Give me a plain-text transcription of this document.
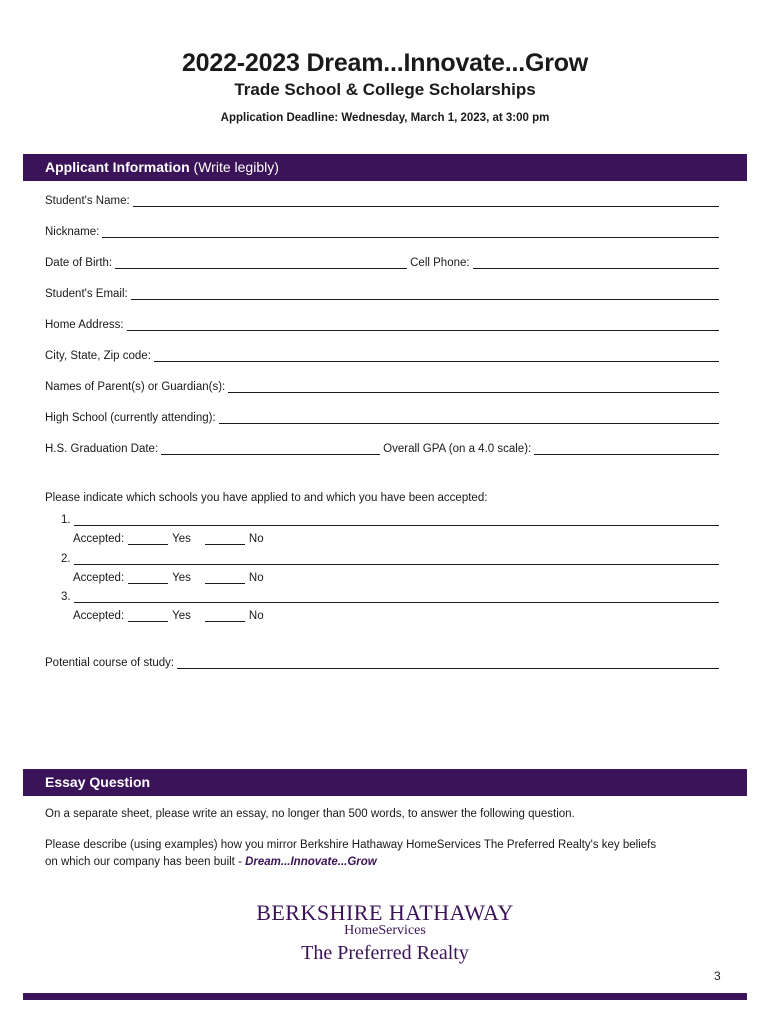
2022-2023 Dream...Innovate...Grow
Trade School & College Scholarships
Application Deadline: Wednesday, March 1, 2023, at 3:00 pm
Applicant Information (Write legibly)
Student's Name:
Nickname:
Date of Birth:	Cell Phone:
Student's Email:
Home Address:
City, State, Zip code:
Names of Parent(s) or Guardian(s):
High School (currently attending):
H.S. Graduation Date:	Overall GPA (on a 4.0 scale):
Please indicate which schools you have applied to and which you have been accepted:
1.
Accepted:	Yes	No
2.
Accepted:	Yes	No
3.
Accepted:	Yes	No
Potential course of study:
Essay Question
On a separate sheet, please write an essay, no longer than 500 words, to answer the following question.
Please describe (using examples) how you mirror Berkshire Hathaway HomeServices The Preferred Realty's key beliefs
on which our company has been built - Dream...Innovate...Grow
BERKSHIRE HATHAWAY
HomeServices
The Preferred Realty
3
